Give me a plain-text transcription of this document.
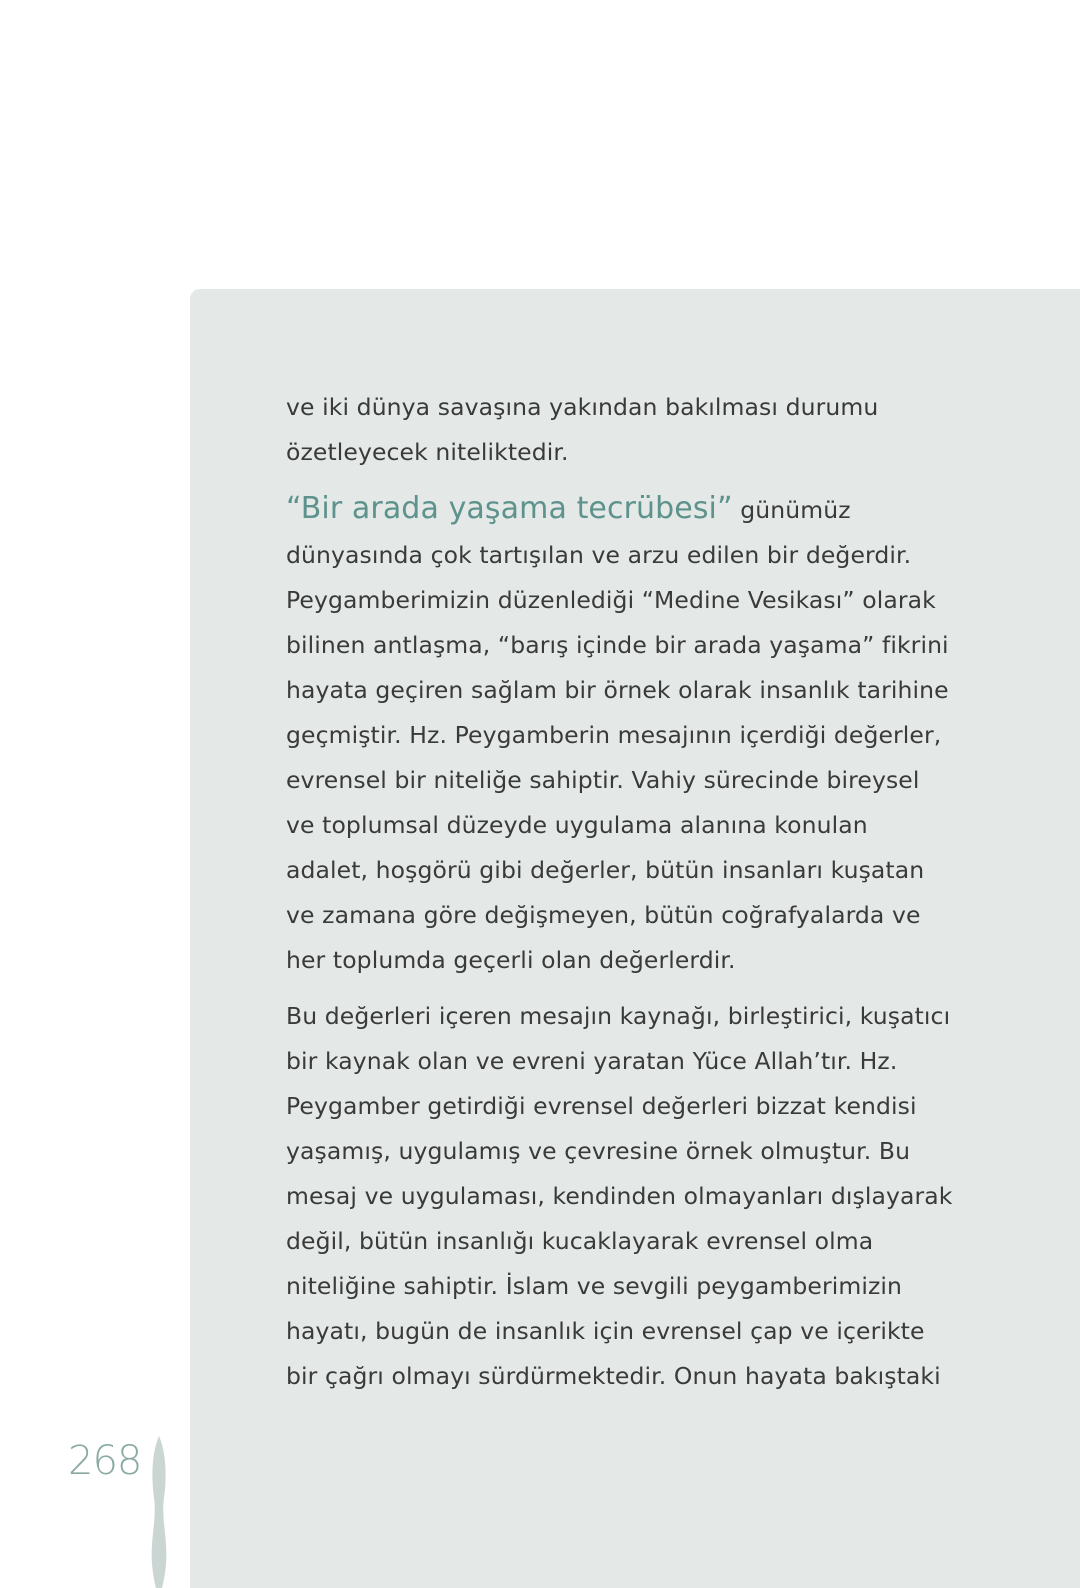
ve iki dünya savaşına yakından bakılması durumu
özetleyecek niteliktedir.

“Bir arada yaşama tecrübesi” günümüz
dünyasında çok tartışılan ve arzu edilen bir değerdir.
Peygamberimizin düzenlediği “Medine Vesikası” olarak
bilinen antlaşma, “barış içinde bir arada yaşama” fikrini
hayata geçiren sağlam bir örnek olarak insanlık tarihine
geçmiştir. Hz. Peygamberin mesajının içerdiği değerler,
evrensel bir niteliğe sahiptir. Vahiy sürecinde bireysel
ve toplumsal düzeyde uygulama alanına konulan
adalet, hoşgörü gibi değerler, bütün insanları kuşatan
ve zamana göre değişmeyen, bütün coğrafyalarda ve
her toplumda geçerli olan değerlerdir.

Bu değerleri içeren mesajın kaynağı, birleştirici, kuşatıcı
bir kaynak olan ve evreni yaratan Yüce Allah’tır. Hz.
Peygamber getirdiği evrensel değerleri bizzat kendisi
yaşamış, uygulamış ve çevresine örnek olmuştur. Bu
mesaj ve uygulaması, kendinden olmayanları dışlayarak
değil, bütün insanlığı kucaklayarak evrensel olma
niteliğine sahiptir. İslam ve sevgili peygamberimizin
hayatı, bugün de insanlık için evrensel çap ve içerikte
bir çağrı olmayı sürdürmektedir. Onun hayata bakıştaki

268
